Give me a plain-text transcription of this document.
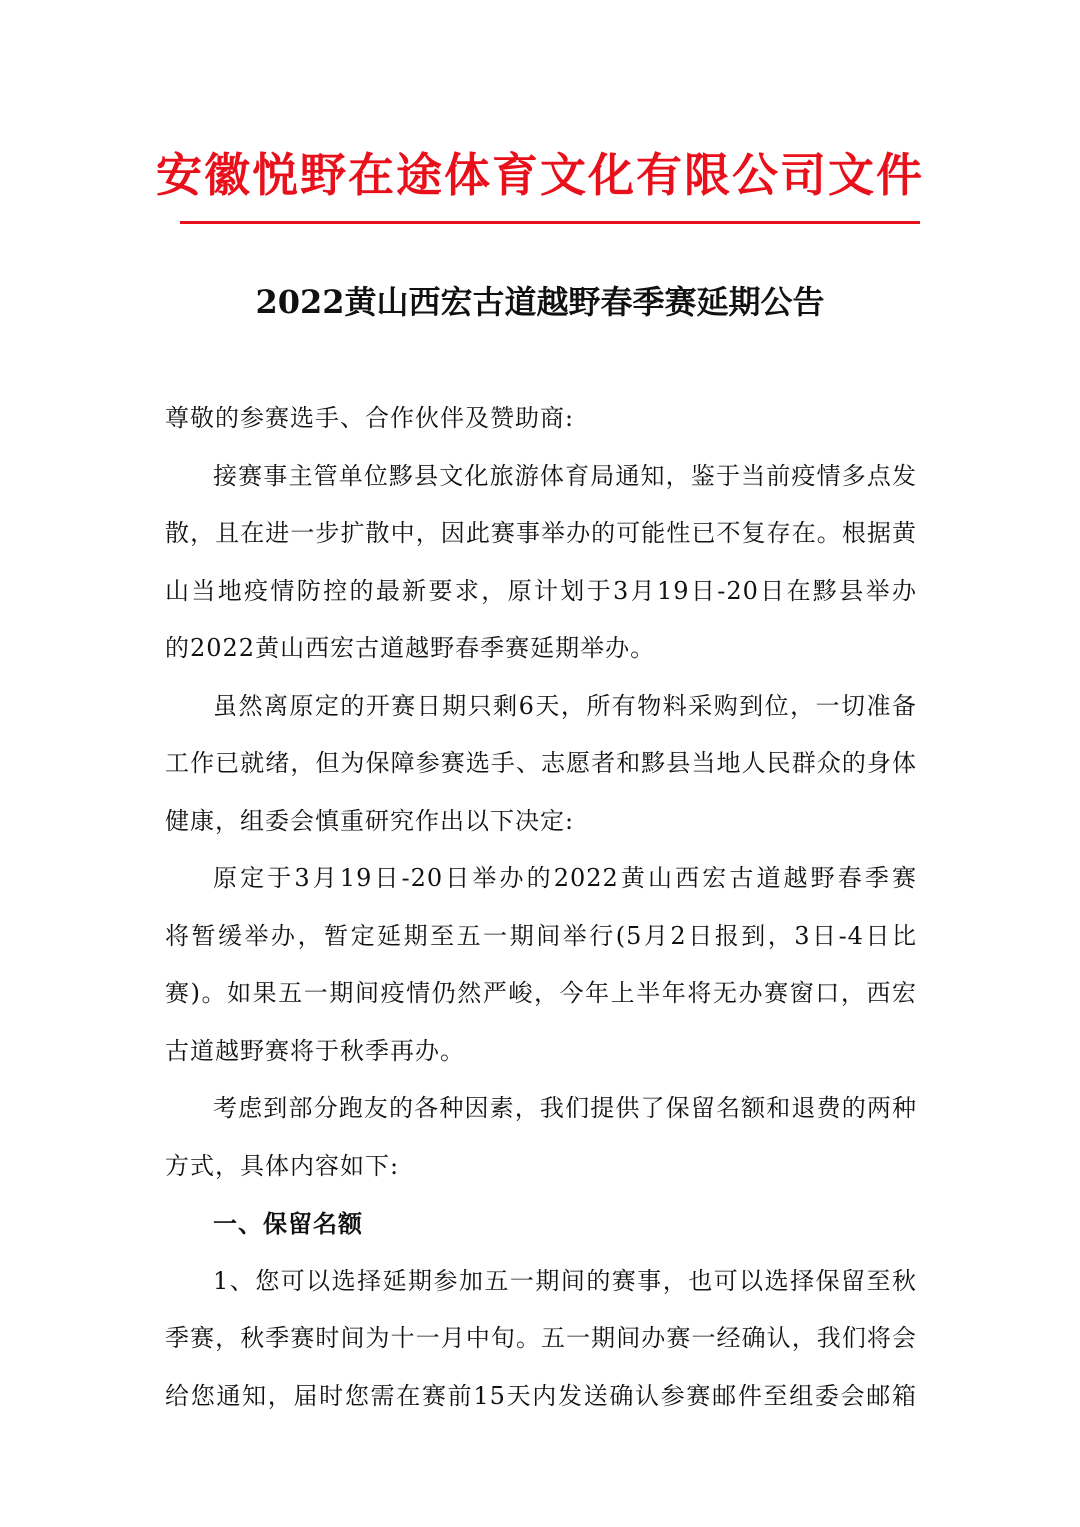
安徽悦野在途体育文化有限公司文件
2022黄山西宏古道越野春季赛延期公告

尊敬的参赛选手、合作伙伴及赞助商:

接赛事主管单位黟县文化旅游体育局通知，鉴于当前疫情多点发
散，且在进一步扩散中，因此赛事举办的可能性已不复存在。根据黄
山当地疫情防控的最新要求，原计划于3月19日-20日在黟县举办
的2022黄山西宏古道越野春季赛延期举办。

虽然离原定的开赛日期只剩6天，所有物料采购到位，一切准备
工作已就绪，但为保障参赛选手、志愿者和黟县当地人民群众的身体
健康，组委会慎重研究作出以下决定:

原定于3月19日-20日举办的2022黄山西宏古道越野春季赛
将暂缓举办，暂定延期至五一期间举行(5月2日报到，3日-4日比
赛)。如果五一期间疫情仍然严峻，今年上半年将无办赛窗口，西宏
古道越野赛将于秋季再办。

考虑到部分跑友的各种因素，我们提供了保留名额和退费的两种
方式，具体内容如下:

一、保留名额

1、您可以选择延期参加五一期间的赛事，也可以选择保留至秋
季赛，秋季赛时间为十一月中旬。五一期间办赛一经确认，我们将会
给您通知，届时您需在赛前15天内发送确认参赛邮件至组委会邮箱
